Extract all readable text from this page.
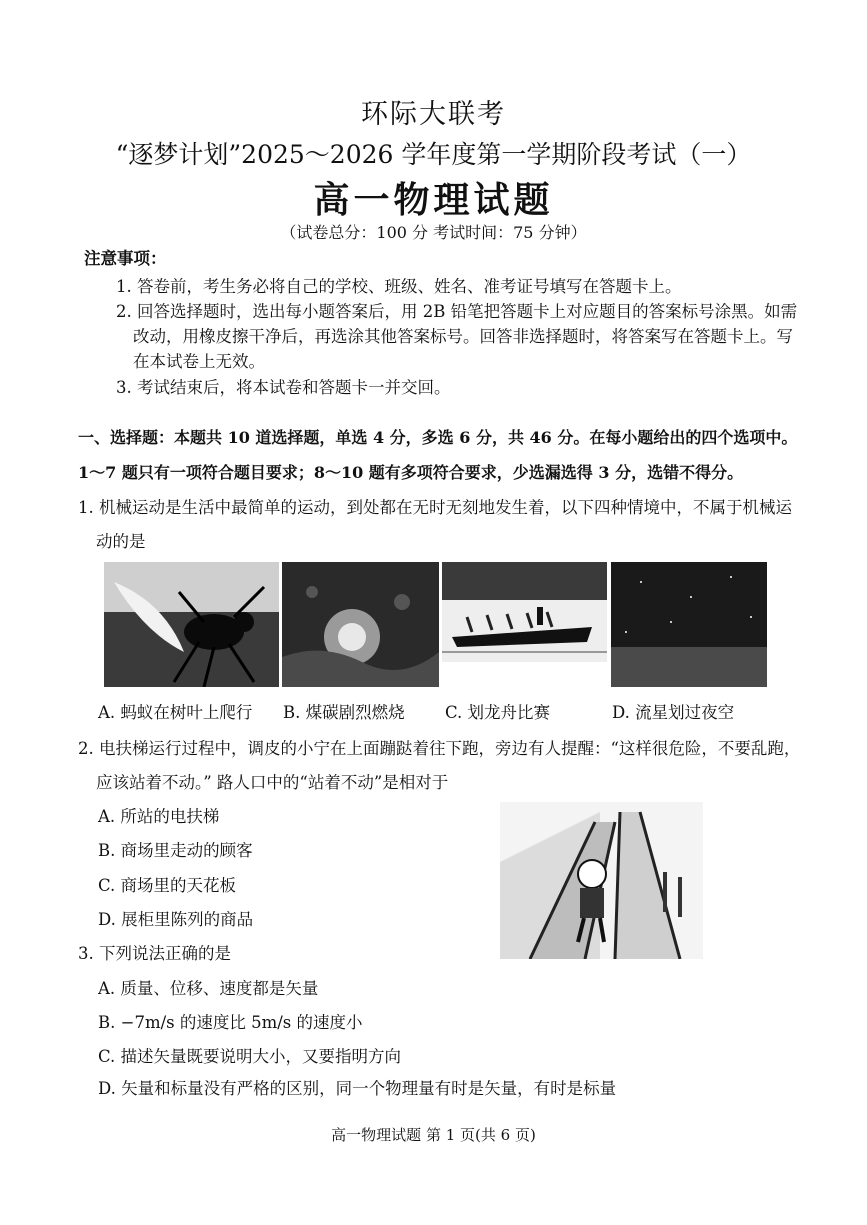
环际大联考
“逐梦计划”2025～2026 学年度第一学期阶段考试（一）
高一物理试题
（试卷总分：100 分 考试时间：75 分钟）
注意事项：
1. 答卷前，考生务必将自己的学校、班级、姓名、准考证号填写在答题卡上。
2. 回答选择题时，选出每小题答案后，用 2B 铅笔把答题卡上对应题目的答案标号涂黑。如需
改动，用橡皮擦干净后，再选涂其他答案标号。回答非选择题时，将答案写在答题卡上。写
在本试卷上无效。
3. 考试结束后，将本试卷和答题卡一并交回。
一、选择题：本题共 10 道选择题，单选 4 分，多选 6 分，共 46 分。在每小题给出的四个选项中。
1～7 题只有一项符合题目要求；8～10 题有多项符合要求，少选漏选得 3 分，选错不得分。
1. 机械运动是生活中最简单的运动，到处都在无时无刻地发生着，以下四种情境中，不属于机械运
动的是
A. 蚂蚁在树叶上爬行 B. 煤碳剧烈燃烧 C. 划龙舟比赛	D. 流星划过夜空
2. 电扶梯运行过程中，调皮的小宁在上面蹦跶着往下跑，旁边有人提醒：“这样很危险，不要乱跑，
应该站着不动。” 路人口中的“站着不动”是相对于
A. 所站的电扶梯
B. 商场里走动的顾客
C. 商场里的天花板
D. 展柜里陈列的商品
3. 下列说法正确的是
A. 质量、位移、速度都是矢量
B. −7m/s 的速度比 5m/s 的速度小
C. 描述矢量既要说明大小，又要指明方向
D. 矢量和标量没有严格的区别，同一个物理量有时是矢量，有时是标量
高一物理试题 第 1 页(共 6 页)
